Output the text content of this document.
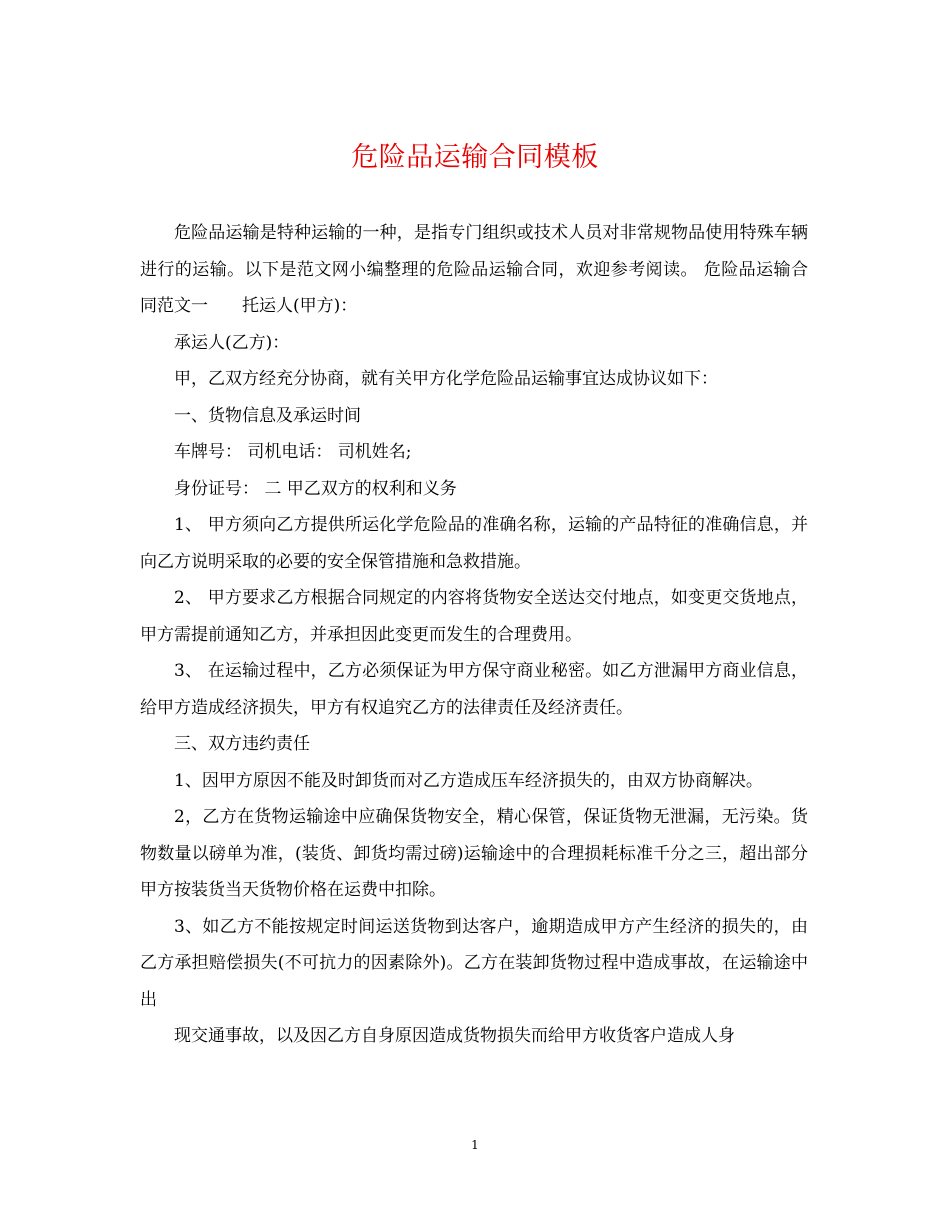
危险品运输合同模板

危险品运输是特种运输的一种，是指专门组织或技术人员对非常规物品使用特殊车辆进行的运输。以下是范文网小编整理的危险品运输合同，欢迎参考阅读。 危险品运输合同范文一　　托运人(甲方)：

承运人(乙方)：

甲，乙双方经充分协商，就有关甲方化学危险品运输事宜达成协议如下：

一、货物信息及承运时间

车牌号： 司机电话： 司机姓名;

身份证号： 二 甲乙双方的权利和义务

1、 甲方须向乙方提供所运化学危险品的准确名称，运输的产品特征的准确信息，并向乙方说明采取的必要的安全保管措施和急救措施。

2、 甲方要求乙方根据合同规定的内容将货物安全送达交付地点，如变更交货地点，甲方需提前通知乙方，并承担因此变更而发生的合理费用。

3、 在运输过程中，乙方必须保证为甲方保守商业秘密。如乙方泄漏甲方商业信息，给甲方造成经济损失，甲方有权追究乙方的法律责任及经济责任。

三、双方违约责任

1、因甲方原因不能及时卸货而对乙方造成压车经济损失的，由双方协商解决。

2，乙方在货物运输途中应确保货物安全，精心保管，保证货物无泄漏，无污染。货物数量以磅单为准，(装货、卸货均需过磅)运输途中的合理损耗标准千分之三，超出部分甲方按装货当天货物价格在运费中扣除。

3、如乙方不能按规定时间运送货物到达客户，逾期造成甲方产生经济的损失的，由乙方承担赔偿损失(不可抗力的因素除外)。乙方在装卸货物过程中造成事故，在运输途中出

现交通事故，以及因乙方自身原因造成货物损失而给甲方收货客户造成人身

1
